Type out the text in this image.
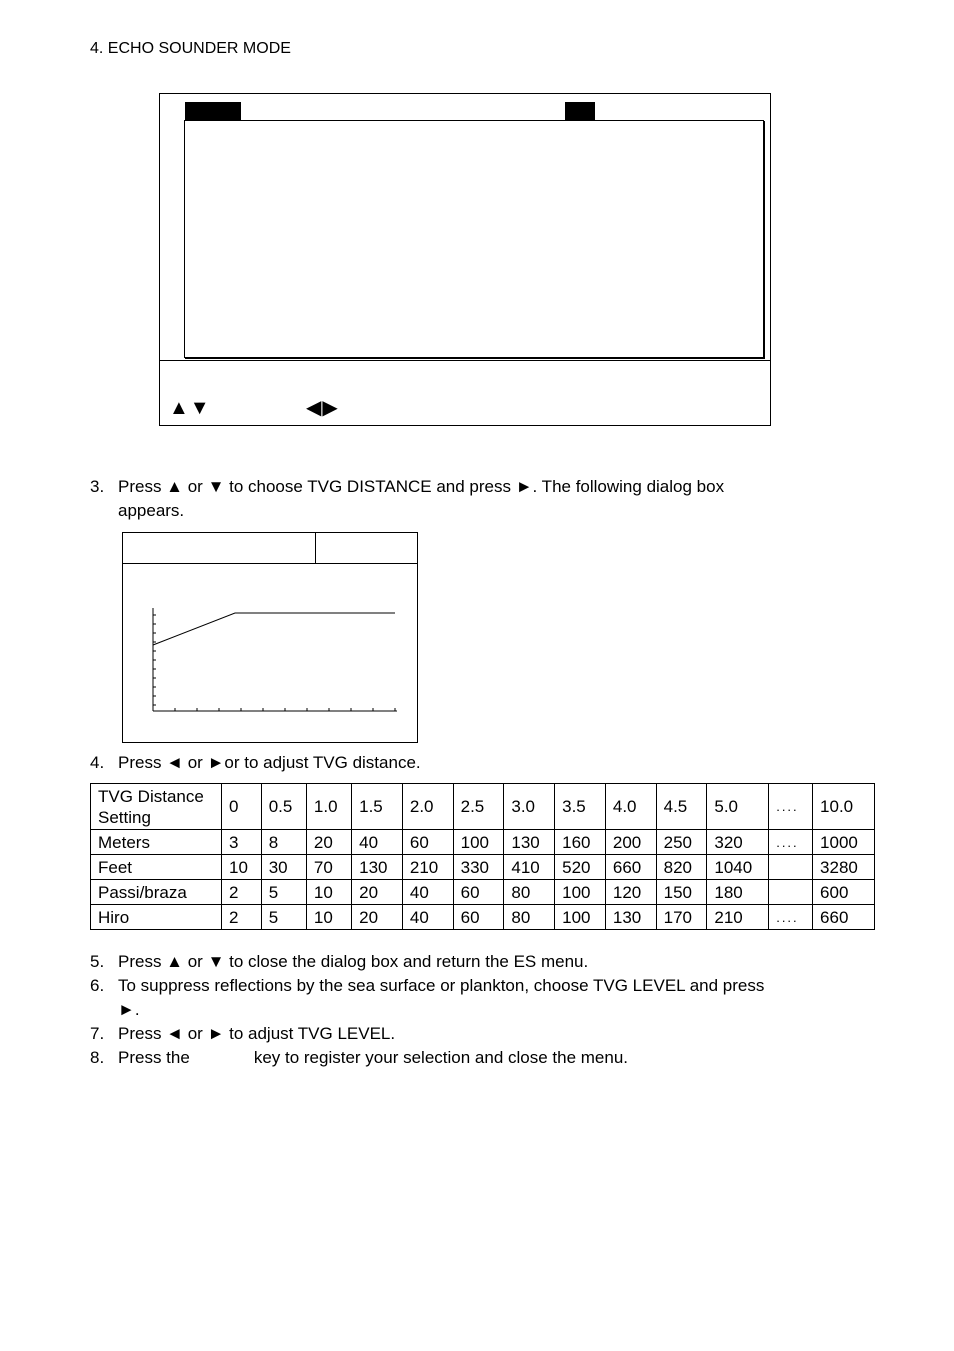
4. ECHO SOUNDER MODE
▲▼	◀▶
3. Press ▲ or ▼ to choose TVG DISTANCE and press ►. The following dialog box
appears.
4. Press ◄ or ►or to adjust TVG distance.
TVG Distance
Setting	0	0.5	1.0	1.5	2.0	2.5	3.0	3.5	4.0	4.5	5.0	....	10.0
Meters	3	8	20	40	60	100	130	160	200	250	320	....	1000
Feet	10	30	70	130	210	330	410	520	660	820	1040		3280
Passi/braza	2	5	10	20	40	60	80	100	120	150	180		600
Hiro	2	5	10	20	40	60	80	100	130	170	210	....	660
5. Press ▲ or ▼ to close the dialog box and return the ES menu.
6. To suppress reflections by the sea surface or plankton, choose TVG LEVEL and press
►.
7. Press ◄ or ► to adjust TVG LEVEL.
8. Press the	key to register your selection and close the menu.
